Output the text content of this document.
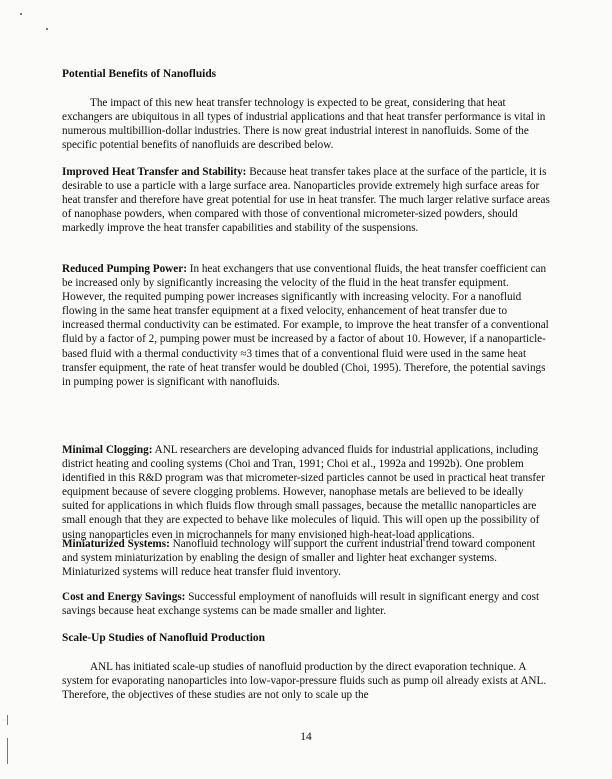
Potential Benefits of Nanofluids

The impact of this new heat transfer technology is expected to be great, considering that heat exchangers are ubiquitous in all types of industrial applications and that heat transfer performance is vital in numerous multibillion-dollar industries. There is now great industrial interest in nanofluids. Some of the specific potential benefits of nanofluids are described below.

Improved Heat Transfer and Stability: Because heat transfer takes place at the surface of the particle, it is desirable to use a particle with a large surface area. Nanoparticles provide extremely high surface areas for heat transfer and therefore have great potential for use in heat transfer. The much larger relative surface areas of nanophase powders, when compared with those of conventional micrometer-sized powders, should markedly improve the heat transfer capabilities and stability of the suspensions.

Reduced Pumping Power: In heat exchangers that use conventional fluids, the heat transfer coefficient can be increased only by significantly increasing the velocity of the fluid in the heat transfer equipment. However, the requited pumping power increases significantly with increasing velocity. For a nanofluid flowing in the same heat transfer equipment at a fixed velocity, enhancement of heat transfer due to increased thermal conductivity can be estimated. For example, to improve the heat transfer of a conventional fluid by a factor of 2, pumping power must be increased by a factor of about 10. However, if a nanoparticle-based fluid with a thermal conductivity ≈3 times that of a conventional fluid were used in the same heat transfer equipment, the rate of heat transfer would be doubled (Choi, 1995). Therefore, the potential savings in pumping power is significant with nanofluids.

Minimal Clogging: ANL researchers are developing advanced fluids for industrial applications, including district heating and cooling systems (Choi and Tran, 1991; Choi et al., 1992a and 1992b). One problem identified in this R&D program was that micrometer-sized particles cannot be used in practical heat transfer equipment because of severe clogging problems. However, nanophase metals are believed to be ideally suited for applications in which fluids flow through small passages, because the metallic nanoparticles are small enough that they are expected to behave like molecules of liquid. This will open up the possibility of using nanoparticles even in microchannels for many envisioned high-heat-load applications.

Miniaturized Systems: Nanofluid technology will support the current industrial trend toward component and system miniaturization by enabling the design of smaller and lighter heat exchanger systems. Miniaturized systems will reduce heat transfer fluid inventory.

Cost and Energy Savings: Successful employment of nanofluids will result in significant energy and cost savings because heat exchange systems can be made smaller and lighter.

Scale-Up Studies of Nanofluid Production

ANL has initiated scale-up studies of nanofluid production by the direct evaporation technique. A system for evaporating nanoparticles into low-vapor-pressure fluids such as pump oil already exists at ANL. Therefore, the objectives of these studies are not only to scale up the

14
